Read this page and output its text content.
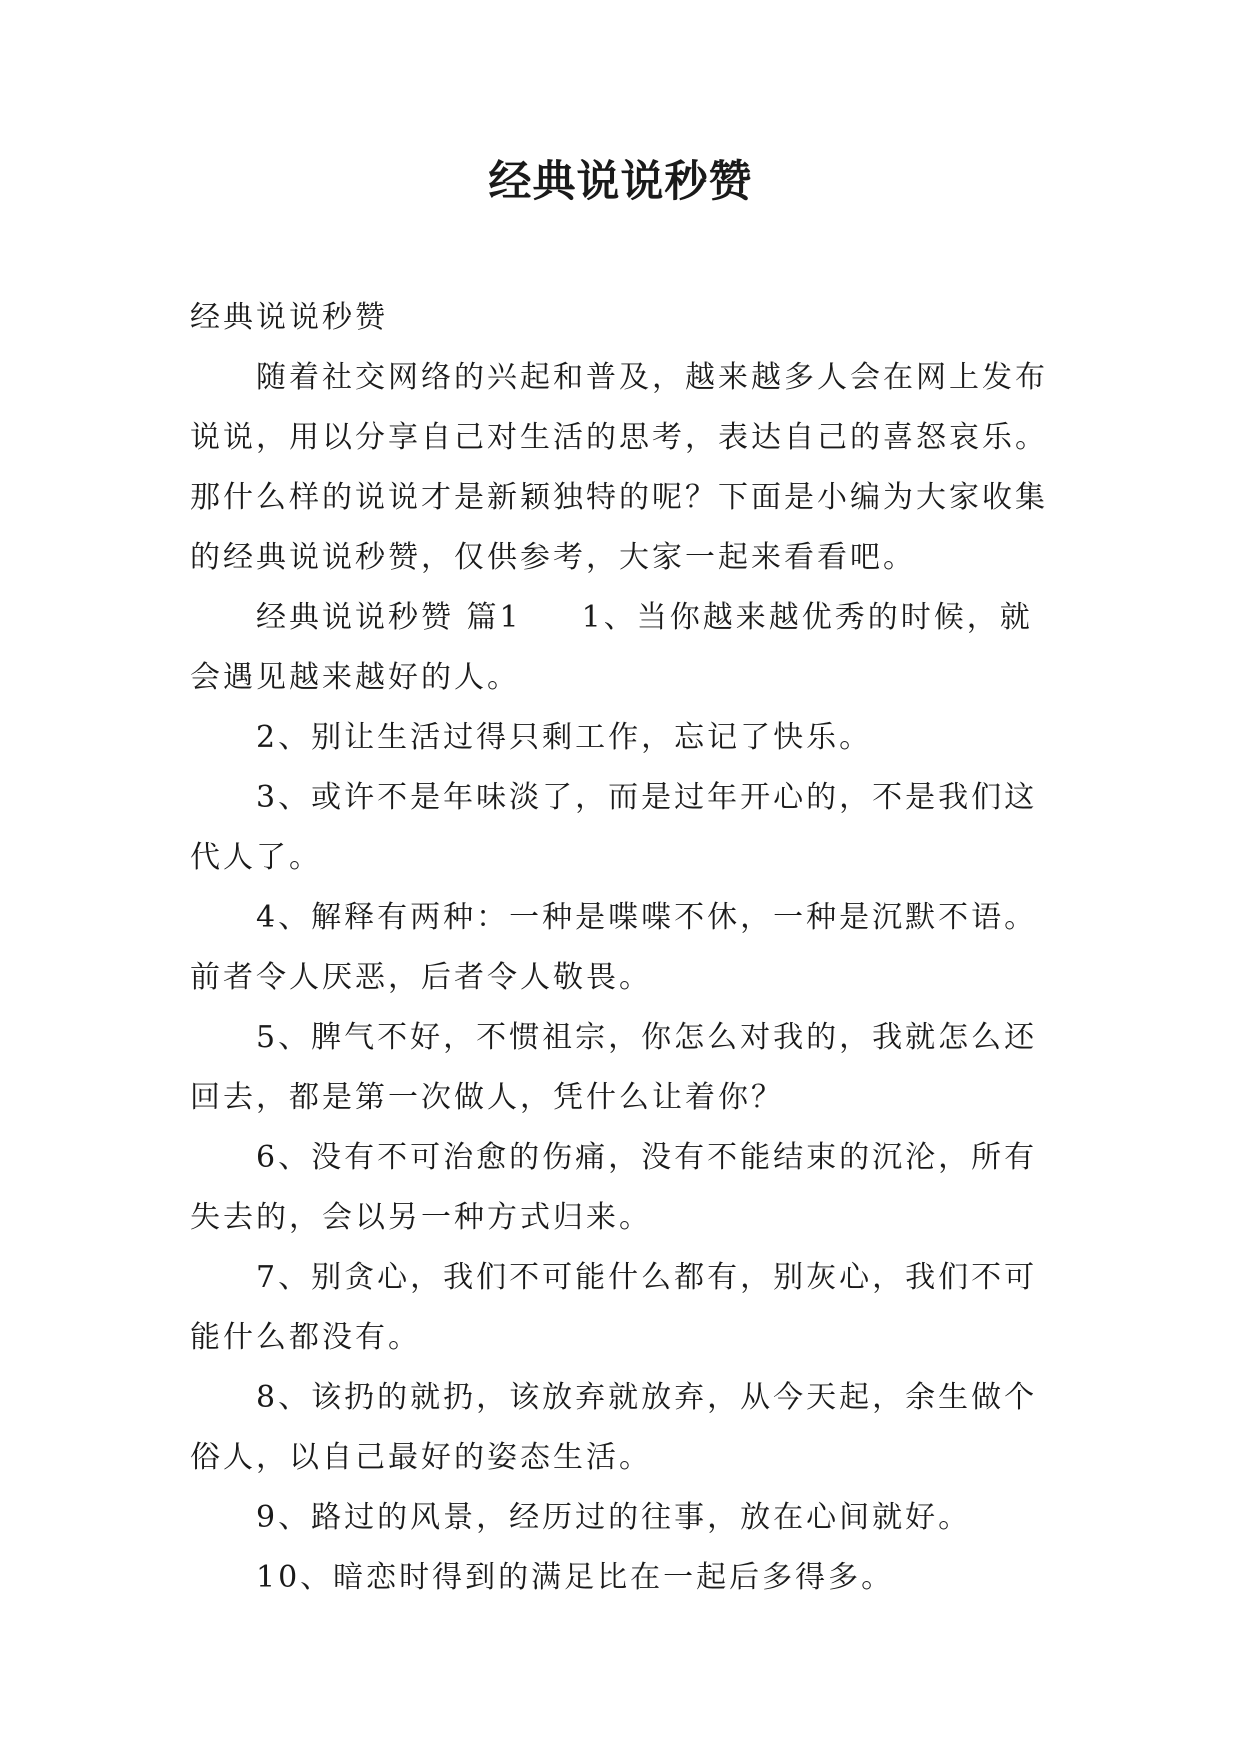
经典说说秒赞

经典说说秒赞

随着社交网络的兴起和普及，越来越多人会在网上发布说说，用以分享自己对生活的思考，表达自己的喜怒哀乐。那什么样的说说才是新颖独特的呢？下面是小编为大家收集的经典说说秒赞，仅供参考，大家一起来看看吧。

经典说说秒赞 篇1 1、当你越来越优秀的时候，就会遇见越来越好的人。

2、别让生活过得只剩工作，忘记了快乐。

3、或许不是年味淡了，而是过年开心的，不是我们这代人了。

4、解释有两种：一种是喋喋不休，一种是沉默不语。前者令人厌恶，后者令人敬畏。

5、脾气不好，不惯祖宗，你怎么对我的，我就怎么还回去，都是第一次做人，凭什么让着你？

6、没有不可治愈的伤痛，没有不能结束的沉沦，所有失去的，会以另一种方式归来。

7、别贪心，我们不可能什么都有，别灰心，我们不可能什么都没有。

8、该扔的就扔，该放弃就放弃，从今天起，余生做个俗人，以自己最好的姿态生活。

9、路过的风景，经历过的往事，放在心间就好。

10、暗恋时得到的满足比在一起后多得多。
